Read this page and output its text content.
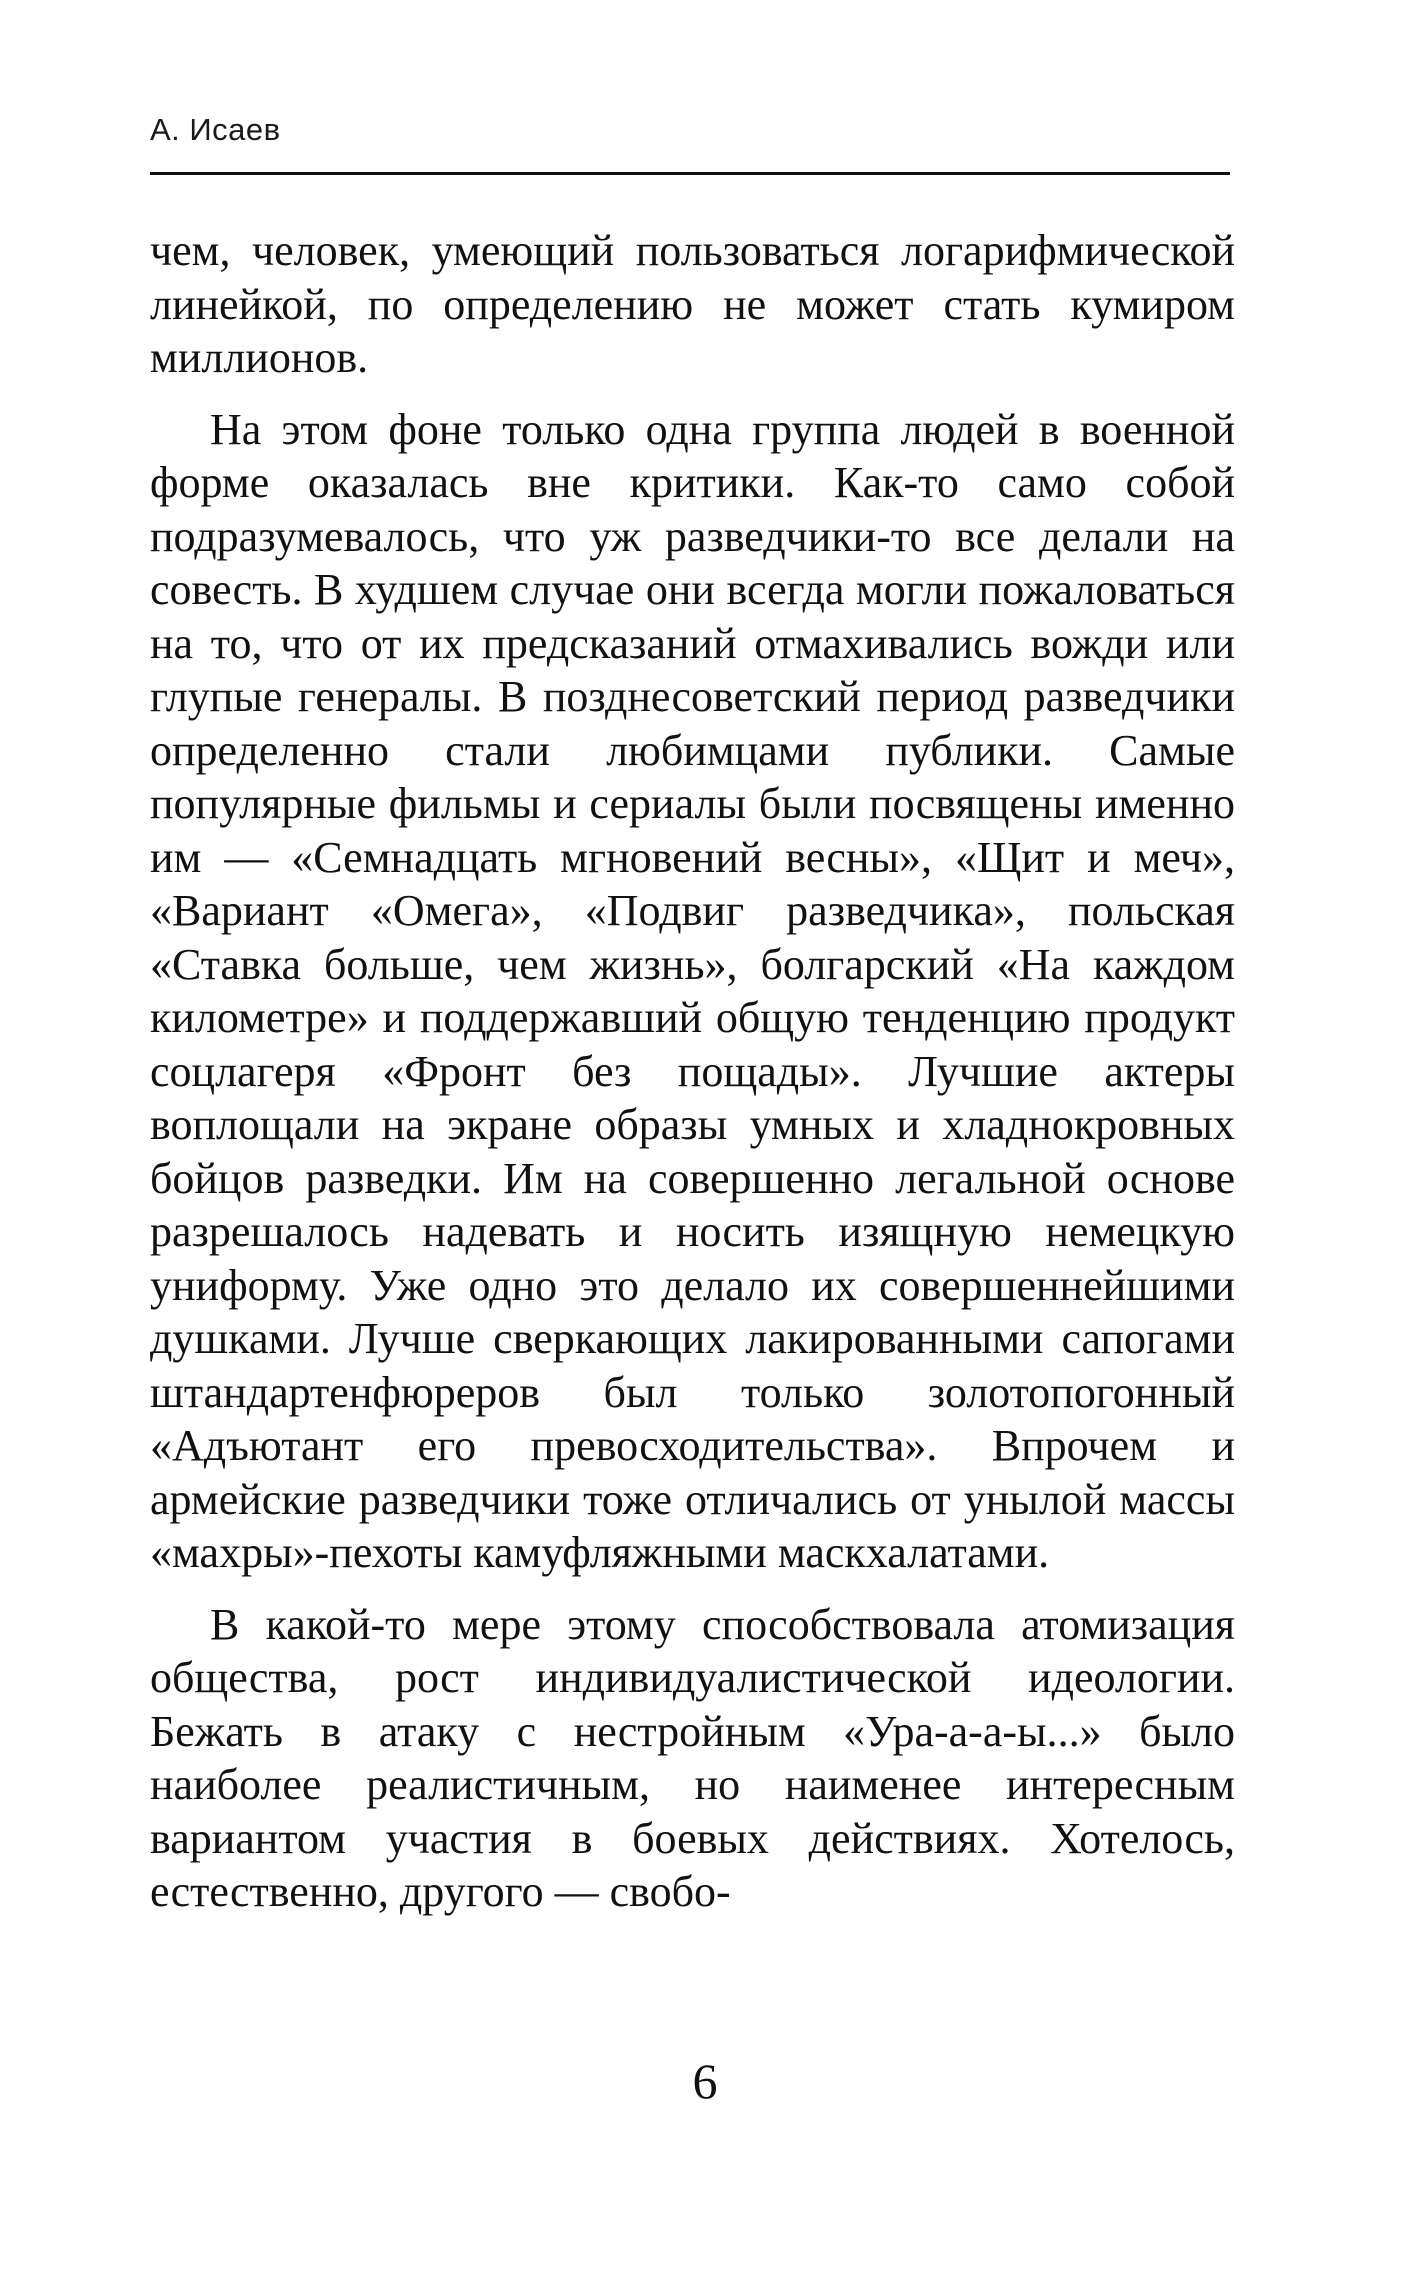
А. Исаев

чем, человек, умеющий пользоваться логарифмической линейкой, по определению не может стать кумиром миллионов.

На этом фоне только одна группа людей в военной форме оказалась вне критики. Как-то само собой подразумевалось, что уж разведчики-то все делали на совесть. В худшем случае они всегда могли пожаловаться на то, что от их предсказаний отмахивались вожди или глупые генералы. В позднесоветский период разведчики определенно стали любимцами публики. Самые популярные фильмы и сериалы были посвящены именно им — «Семнадцать мгновений весны», «Щит и меч», «Вариант «Омега», «Подвиг разведчика», польская «Ставка больше, чем жизнь», болгарский «На каждом километре» и поддержавший общую тенденцию продукт соцлагеря «Фронт без пощады». Лучшие актеры воплощали на экране образы умных и хладнокровных бойцов разведки. Им на совершенно легальной основе разрешалось надевать и носить изящную немецкую униформу. Уже одно это делало их совершеннейшими душками. Лучше сверкающих лакированными сапогами штандартенфюреров был только золотопогонный «Адъютант его превосходительства». Впрочем и армейские разведчики тоже отличались от унылой массы «махры»-пехоты камуфляжными маскхалатами.

В какой-то мере этому способствовала атомизация общества, рост индивидуалистической идеологии. Бежать в атаку с нестройным «Ура-а-а-ы...» было наиболее реалистичным, но наименее интересным вариантом участия в боевых действиях. Хотелось, естественно, другого — свобо-

6
